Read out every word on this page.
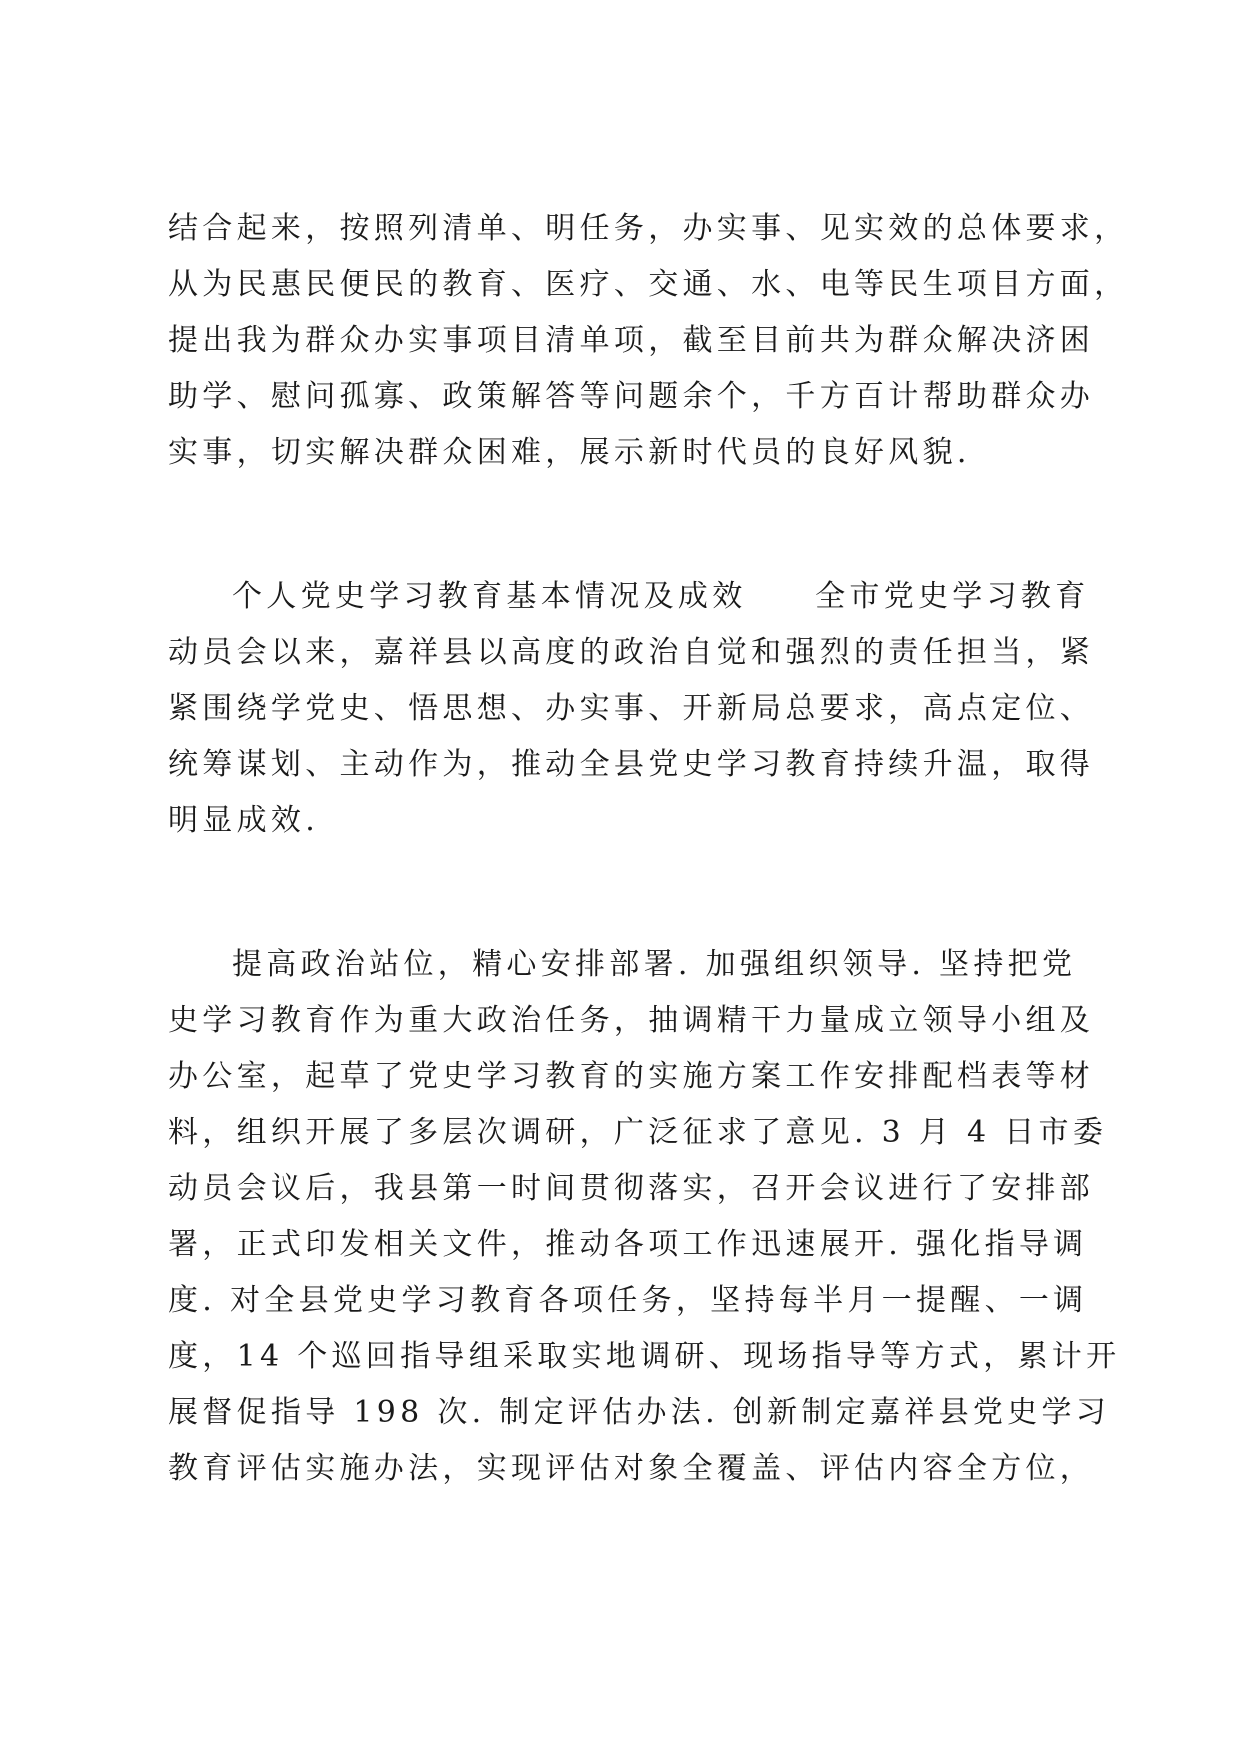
结合起来，按照列清单、明任务，办实事、见实效的总体要求，
从为民惠民便民的教育、医疗、交通、水、电等民生项目方面，
提出我为群众办实事项目清单项，截至目前共为群众解决济困
助学、慰问孤寡、政策解答等问题余个，千方百计帮助群众办
实事，切实解决群众困难，展示新时代员的良好风貌.
个人党史学习教育基本情况及成效　　全市党史学习教育
动员会以来，嘉祥县以高度的政治自觉和强烈的责任担当，紧
紧围绕学党史、悟思想、办实事、开新局总要求，高点定位、
统筹谋划、主动作为，推动全县党史学习教育持续升温，取得
明显成效.
提高政治站位，精心安排部署. 加强组织领导. 坚持把党
史学习教育作为重大政治任务，抽调精干力量成立领导小组及
办公室，起草了党史学习教育的实施方案工作安排配档表等材
料，组织开展了多层次调研，广泛征求了意见. 3 月 4 日市委
动员会议后，我县第一时间贯彻落实，召开会议进行了安排部
署，正式印发相关文件，推动各项工作迅速展开. 强化指导调
度. 对全县党史学习教育各项任务，坚持每半月一提醒、一调
度，14 个巡回指导组采取实地调研、现场指导等方式，累计开
展督促指导 198 次. 制定评估办法. 创新制定嘉祥县党史学习
教育评估实施办法，实现评估对象全覆盖、评估内容全方位，
